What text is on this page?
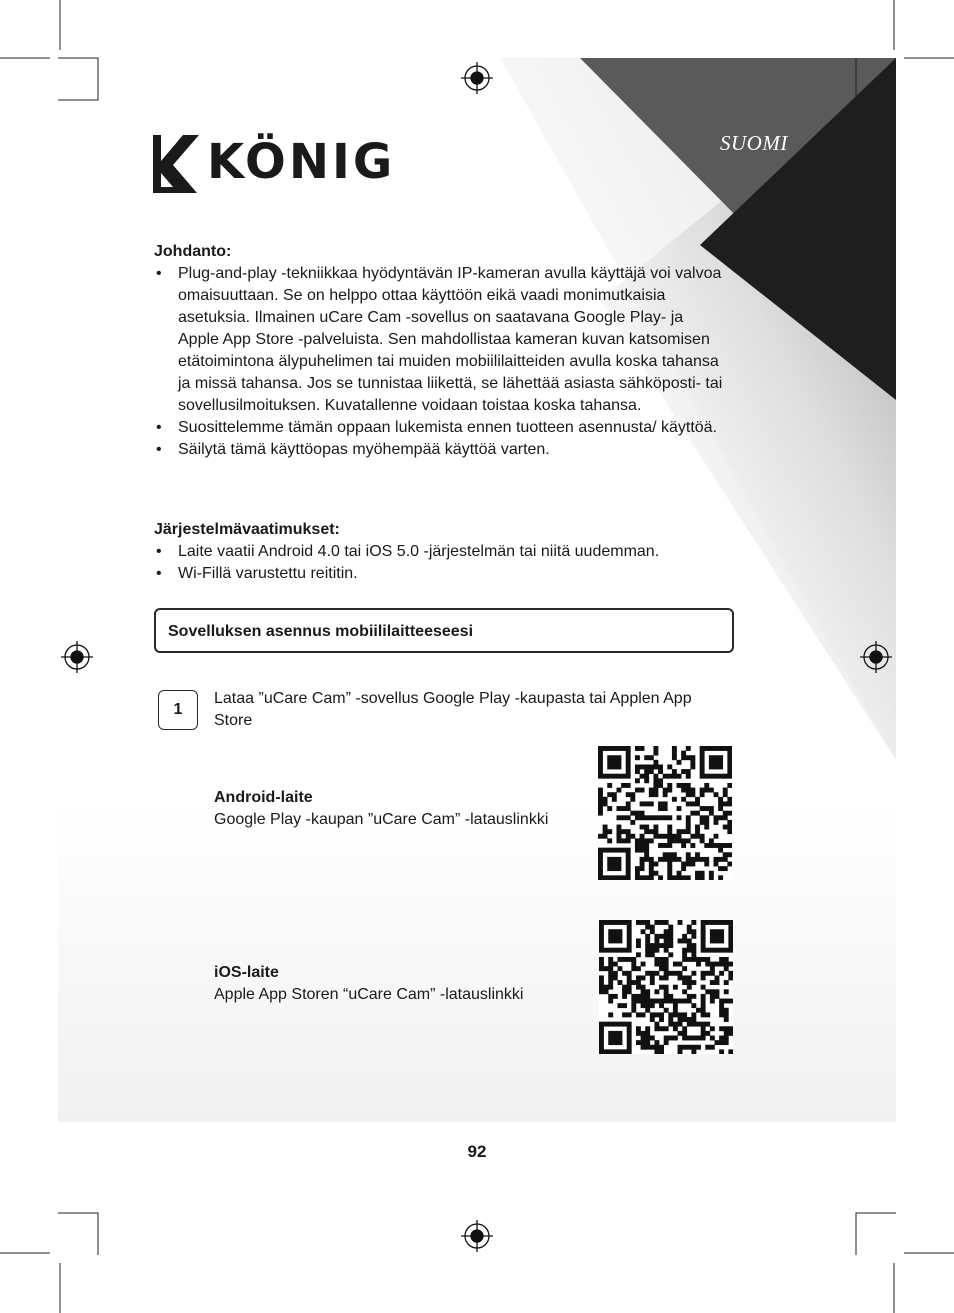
SUOMI
KÖNIG
Johdanto:
• Plug-and-play -tekniikkaa hyödyntävän IP-kameran avulla käyttäjä voi valvoa omaisuuttaan. Se on helppo ottaa käyttöön eikä vaadi monimutkaisia asetuksia. Ilmainen uCare Cam -sovellus on saatavana Google Play- ja Apple App Store -palveluista. Sen mahdollistaa kameran kuvan katsomisen etätoimintona älypuhelimen tai muiden mobiililaitteiden avulla koska tahansa ja missä tahansa. Jos se tunnistaa liikettä, se lähettää asiasta sähköposti- tai sovellusilmoituksen. Kuvatallenne voidaan toistaa koska tahansa.
• Suosittelemme tämän oppaan lukemista ennen tuotteen asennusta/ käyttöä.
• Säilytä tämä käyttöopas myöhempää käyttöä varten.
Järjestelmävaatimukset:
• Laite vaatii Android 4.0 tai iOS 5.0 -järjestelmän tai niitä uudemman.
• Wi-Fillä varustettu reititin.
Sovelluksen asennus mobiililaitteeseesi
1
Lataa ”uCare Cam” -sovellus Google Play -kaupasta tai Applen App Store
Android-laite
Google Play -kaupan ”uCare Cam” -latauslinkki
iOS-laite
Apple App Storen “uCare Cam” -latauslinkki
92
